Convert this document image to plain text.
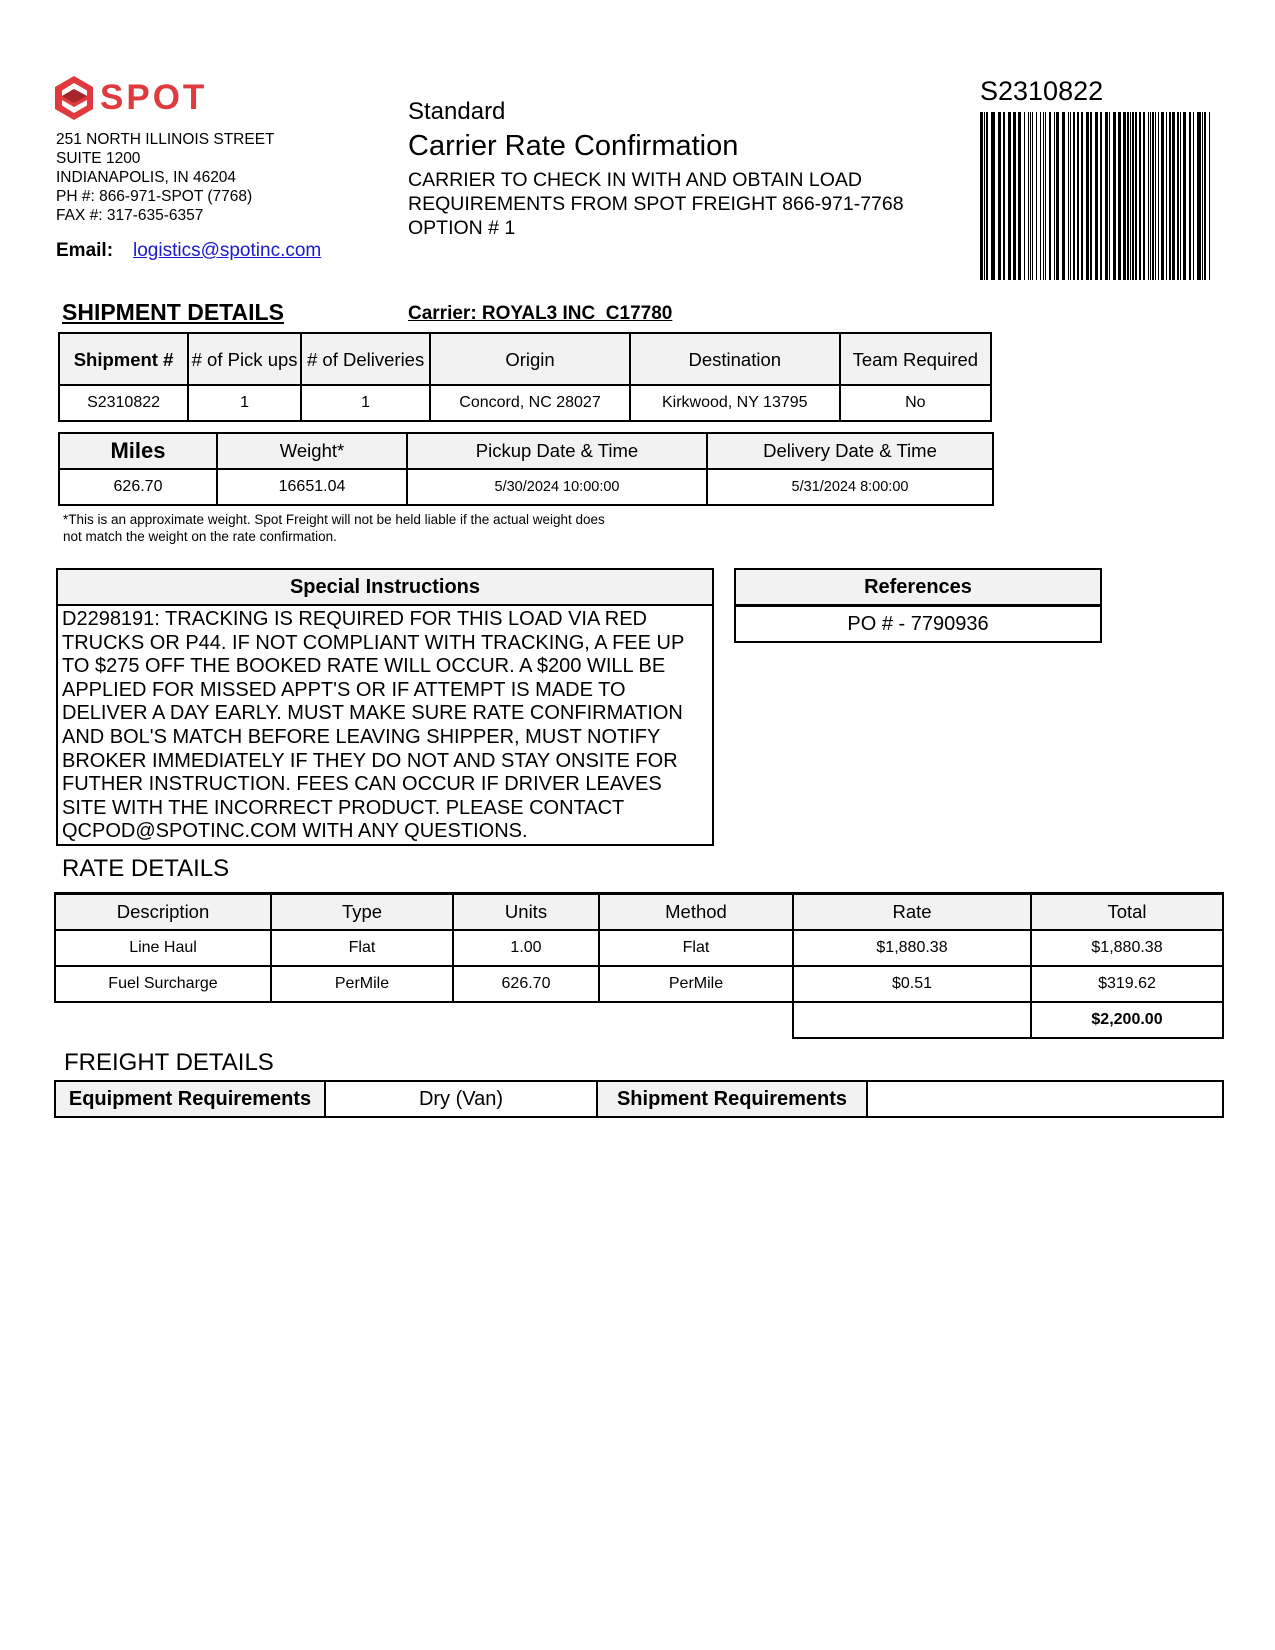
SPOT
251 NORTH ILLINOIS STREET
SUITE 1200
INDIANAPOLIS, IN 46204
PH #: 866-971-SPOT (7768)
FAX #: 317-635-6357
Email: logistics@spotinc.com
Standard
Carrier Rate Confirmation
CARRIER TO CHECK IN WITH AND OBTAIN LOAD
REQUIREMENTS FROM SPOT FREIGHT 866-971-7768
OPTION # 1
S2310822
SHIPMENT DETAILS	Carrier: ROYAL3 INC  C17780
Shipment #	# of Pick ups	# of Deliveries	Origin	Destination	Team Required
S2310822	1	1	Concord, NC 28027	Kirkwood, NY 13795	No
Miles	Weight*	Pickup Date & Time	Delivery Date & Time
626.70	16651.04	5/30/2024 10:00:00	5/31/2024 8:00:00
*This is an approximate weight. Spot Freight will not be held liable if the actual weight does
not match the weight on the rate confirmation.
Special Instructions
D2298191: TRACKING IS REQUIRED FOR THIS LOAD VIA RED
TRUCKS OR P44. IF NOT COMPLIANT WITH TRACKING, A FEE UP
TO $275 OFF THE BOOKED RATE WILL OCCUR. A $200 WILL BE
APPLIED FOR MISSED APPT'S OR IF ATTEMPT IS MADE TO
DELIVER A DAY EARLY. MUST MAKE SURE RATE CONFIRMATION
AND BOL'S MATCH BEFORE LEAVING SHIPPER, MUST NOTIFY
BROKER IMMEDIATELY IF THEY DO NOT AND STAY ONSITE FOR
FUTHER INSTRUCTION. FEES CAN OCCUR IF DRIVER LEAVES
SITE WITH THE INCORRECT PRODUCT. PLEASE CONTACT
QCPOD@SPOTINC.COM WITH ANY QUESTIONS.
References
PO # - 7790936
RATE DETAILS
Description	Type	Units	Method	Rate	Total
Line Haul	Flat	1.00	Flat	$1,880.38	$1,880.38
Fuel Surcharge	PerMile	626.70	PerMile	$0.51	$319.62
					$2,200.00
FREIGHT DETAILS
Equipment Requirements	Dry (Van)	Shipment Requirements	
